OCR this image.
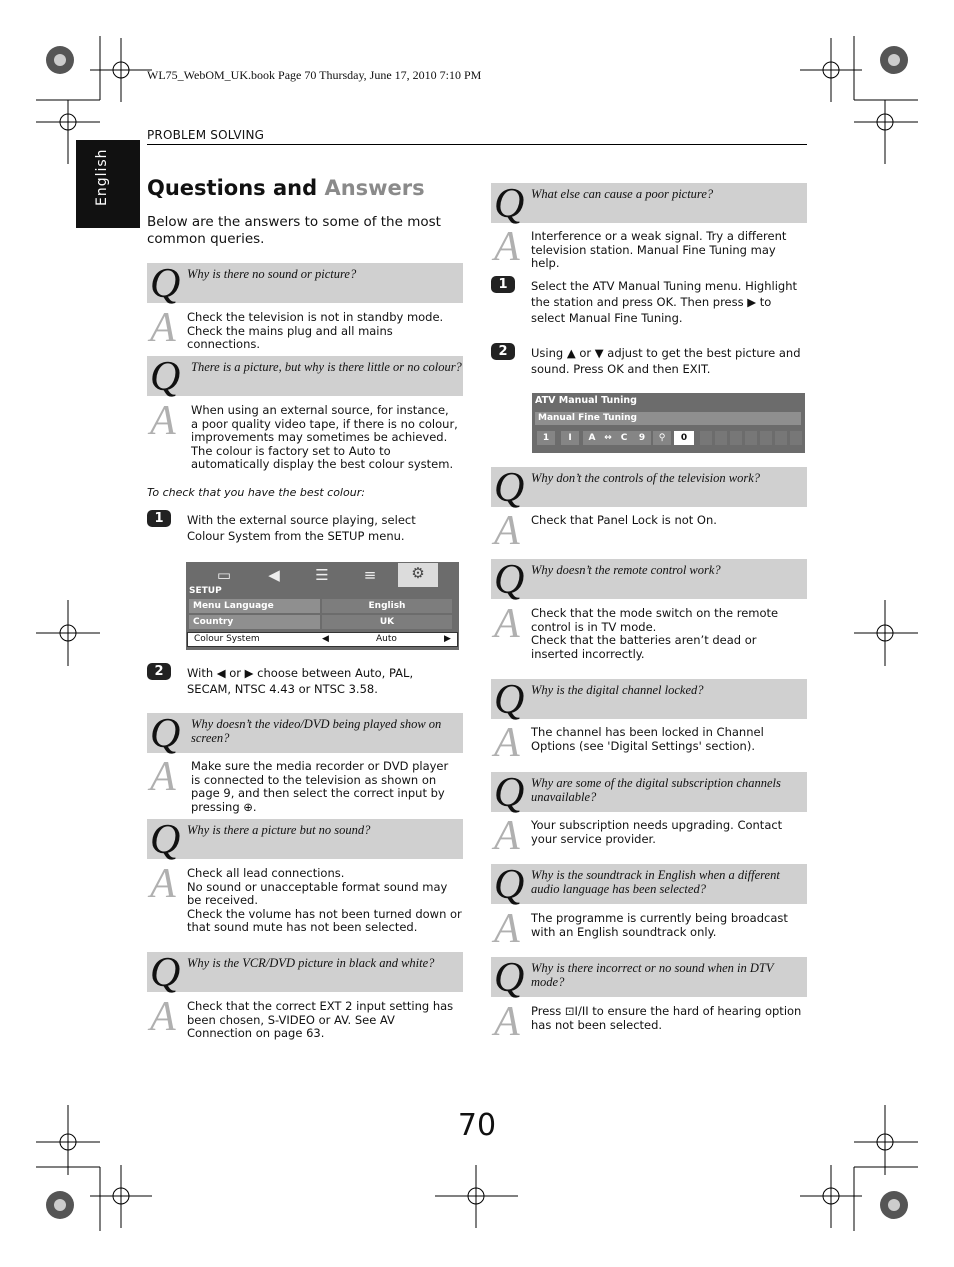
WL75_WebOM_UK.book Page 70 Thursday, June 17, 2010 7:10 PM
PROBLEM SOLVING
English Questions and Answers
Below are the answers to some of the most common queries.
Q Why is there no sound or picture?
A Check the television is not in standby mode. Check the mains plug and all mains connections.
Q There is a picture, but why is there little or no colour?
A When using an external source, for instance, a poor quality video tape, if there is no colour, improvements may sometimes be achieved. The colour is factory set to Auto to automatically display the best colour system.
To check that you have the best colour:
1	With the external source playing, select Colour System from the SETUP menu.
▭	◀	☰	≡	⚙
SETUP
Menu Language	English
Country	UK
Colour System	◀	Auto	▶
2	With ◀ or ▶ choose between Auto, PAL, SECAM, NTSC 4.43 or NTSC 3.58.
Q Why doesn’t the video/DVD being played show on screen?
A Make sure the media recorder or DVD player is connected to the television as shown on page 9, and then select the correct input by pressing ⊕.
Q Why is there a picture but no sound?
A Check all lead connections.
No sound or unacceptable format sound may be received.
Check the volume has not been turned down or that sound mute has not been selected.
Q Why is the VCR/DVD picture in black and white?
A Check that the correct EXT 2 input setting has been chosen, S-VIDEO or AV. See AV Connection on page 63.
Q What else can cause a poor picture?
A Interference or a weak signal. Try a different television station. Manual Fine Tuning may help.
1	Select the ATV Manual Tuning menu. Highlight the station and press OK. Then press ▶ to select Manual Fine Tuning.
2	Using ▲ or ▼ adjust to get the best picture and sound. Press OK and then EXIT.
ATV Manual Tuning
Manual Fine Tuning
1	I	A ↔ C	9	⚲	0
Q Why don’t the controls of the television work?
A Check that Panel Lock is not On.
Q Why doesn’t the remote control work?
A Check that the mode switch on the remote control is in TV mode.
Check that the batteries aren’t dead or inserted incorrectly.
Q Why is the digital channel locked?
A The channel has been locked in Channel Options (see 'Digital Settings' section).
Q Why are some of the digital subscription channels unavailable?
A Your subscription needs upgrading. Contact your service provider.
Q Why is the soundtrack in English when a different audio language has been selected?
A The programme is currently being broadcast with an English soundtrack only.
Q Why is there incorrect or no sound when in DTV mode?
A Press ⊡I/II to ensure the hard of hearing option has not been selected.
70
